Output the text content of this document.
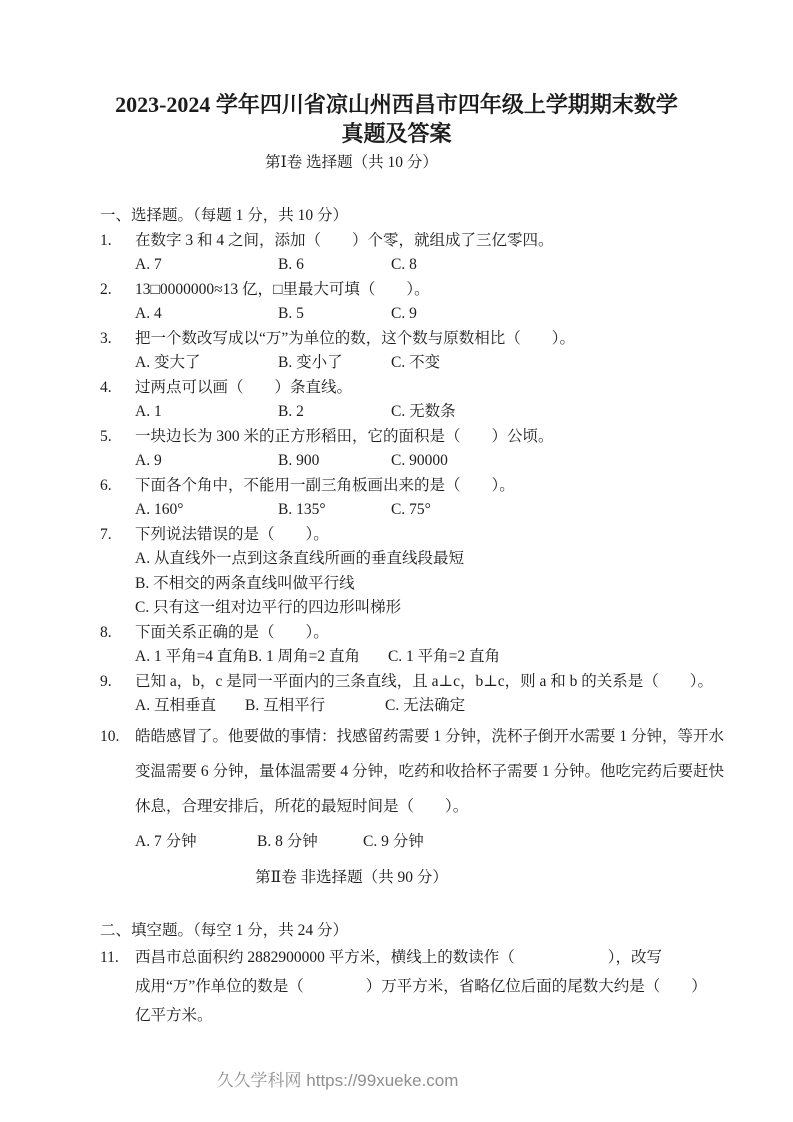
2023-2024 学年四川省凉山州西昌市四年级上学期期末数学
真题及答案
第Ⅰ卷 选择题（共 10 分）
一、选择题。（每题 1 分，共 10 分）
1.	在数字 3 和 4 之间，添加（　　）个零，就组成了三亿零四。
A. 7	B. 6	C. 8
2.	13□0000000≈13 亿，□里最大可填（　　）。
A. 4	B. 5	C. 9
3.	把一个数改写成以“万”为单位的数，这个数与原数相比（　　）。
A. 变大了	B. 变小了	C. 不变
4.	过两点可以画（　　）条直线。
A. 1	B. 2	C. 无数条
5.	一块边长为 300 米的正方形稻田，它的面积是（　　）公顷。
A. 9	B. 900	C. 90000
6.	下面各个角中，不能用一副三角板画出来的是（　　）。
A. 160°	B. 135°	C. 75°
7.	下列说法错误的是（　　）。
A. 从直线外一点到这条直线所画的垂直线段最短
B. 不相交的两条直线叫做平行线
C. 只有这一组对边平行的四边形叫梯形
8.	下面关系正确的是（　　）。
A. 1 平角=4 直角 B. 1 周角=2 直角	C. 1 平角=2 直角
9.	已知 a，b，c 是同一平面内的三条直线，且 a⊥c，b⊥c，则 a 和 b 的关系是（　　）。
A. 互相垂直	B. 互相平行	C. 无法确定
10.	皓皓感冒了。他要做的事情：找感留药需要 1 分钟，洗杯子倒开水需要 1 分钟，等开水
变温需要 6 分钟，量体温需要 4 分钟，吃药和收拾杯子需要 1 分钟。他吃完药后要赶快
休息，合理安排后，所花的最短时间是（　　）。
A. 7 分钟	B. 8 分钟	C. 9 分钟
第Ⅱ卷 非选择题（共 90 分）
二、填空题。（每空 1 分，共 24 分）
11.	西昌市总面积约 2882900000 平方米，横线上的数读作（　　　　　　），改写
成用“万”作单位的数是（　　　　）万平方米，省略亿位后面的尾数大约是（　　）
亿平方米。
久久学科网 https://99xueke.com
